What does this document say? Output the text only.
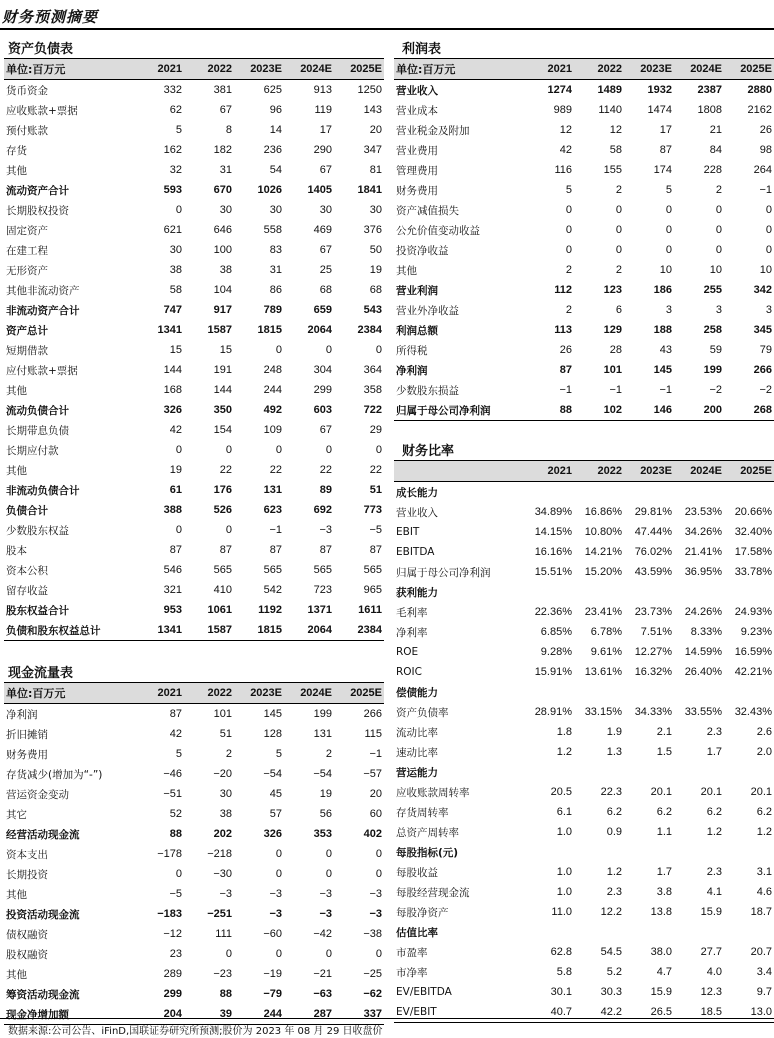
财务预测摘要
资产负债表
单位:百万元	2021	2022	2023E	2024E	2025E
货币资金	332	381	625	913	1250
应收账款+票据	62	67	96	119	143
预付账款	5	8	14	17	20
存货	162	182	236	290	347
其他	32	31	54	67	81
流动资产合计	593	670	1026	1405	1841
长期股权投资	0	30	30	30	30
固定资产	621	646	558	469	376
在建工程	30	100	83	67	50
无形资产	38	38	31	25	19
其他非流动资产	58	104	86	68	68
非流动资产合计	747	917	789	659	543
资产总计	1341	1587	1815	2064	2384
短期借款	15	15	0	0	0
应付账款+票据	144	191	248	304	364
其他	168	144	244	299	358
流动负债合计	326	350	492	603	722
长期带息负债	42	154	109	67	29
长期应付款	0	0	0	0	0
其他	19	22	22	22	22
非流动负债合计	61	176	131	89	51
负债合计	388	526	623	692	773
少数股东权益	0	0	−1	−3	−5
股本	87	87	87	87	87
资本公积	546	565	565	565	565
留存收益	321	410	542	723	965
股东权益合计	953	1061	1192	1371	1611
负债和股东权益总计	1341	1587	1815	2064	2384
现金流量表
单位:百万元	2021	2022	2023E	2024E	2025E
净利润	87	101	145	199	266
折旧摊销	42	51	128	131	115
财务费用	5	2	5	2	−1
存货减少(增加为“-”)	−46	−20	−54	−54	−57
营运资金变动	−51	30	45	19	20
其它	52	38	57	56	60
经营活动现金流	88	202	326	353	402
资本支出	−178	−218	0	0	0
长期投资	0	−30	0	0	0
其他	−5	−3	−3	−3	−3
投资活动现金流	−183	−251	−3	−3	−3
债权融资	−12	111	−60	−42	−38
股权融资	23	0	0	0	0
其他	289	−23	−19	−21	−25
筹资活动现金流	299	88	−79	−63	−62
现金净增加额	204	39	244	287	337
利润表
单位:百万元	2021	2022	2023E	2024E	2025E
营业收入	1274	1489	1932	2387	2880
营业成本	989	1140	1474	1808	2162
营业税金及附加	12	12	17	21	26
营业费用	42	58	87	84	98
管理费用	116	155	174	228	264
财务费用	5	2	5	2	−1
资产减值损失	0	0	0	0	0
公允价值变动收益	0	0	0	0	0
投资净收益	0	0	0	0	0
其他	2	2	10	10	10
营业利润	112	123	186	255	342
营业外净收益	2	6	3	3	3
利润总额	113	129	188	258	345
所得税	26	28	43	59	79
净利润	87	101	145	199	266
少数股东损益	−1	−1	−1	−2	−2
归属于母公司净利润	88	102	146	200	268
财务比率
	2021	2022	2023E	2024E	2025E
成长能力					
营业收入	34.89%	16.86%	29.81%	23.53%	20.66%
EBIT	14.15%	10.80%	47.44%	34.26%	32.40%
EBITDA	16.16%	14.21%	76.02%	21.41%	17.58%
归属于母公司净利润	15.51%	15.20%	43.59%	36.95%	33.78%
获利能力					
毛利率	22.36%	23.41%	23.73%	24.26%	24.93%
净利率	6.85%	6.78%	7.51%	8.33%	9.23%
ROE	9.28%	9.61%	12.27%	14.59%	16.59%
ROIC	15.91%	13.61%	16.32%	26.40%	42.21%
偿债能力					
资产负债率	28.91%	33.15%	34.33%	33.55%	32.43%
流动比率	1.8	1.9	2.1	2.3	2.6
速动比率	1.2	1.3	1.5	1.7	2.0
营运能力					
应收账款周转率	20.5	22.3	20.1	20.1	20.1
存货周转率	6.1	6.2	6.2	6.2	6.2
总资产周转率	1.0	0.9	1.1	1.2	1.2
每股指标(元)					
每股收益	1.0	1.2	1.7	2.3	3.1
每股经营现金流	1.0	2.3	3.8	4.1	4.6
每股净资产	11.0	12.2	13.8	15.9	18.7
估值比率					
市盈率	62.8	54.5	38.0	27.7	20.7
市净率	5.8	5.2	4.7	4.0	3.4
EV/EBITDA	30.1	30.3	15.9	12.3	9.7
EV/EBIT	40.7	42.2	26.5	18.5	13.0
数据来源:公司公告、iFinD,国联证券研究所预测;股价为 2023 年 08 月 29 日收盘价
